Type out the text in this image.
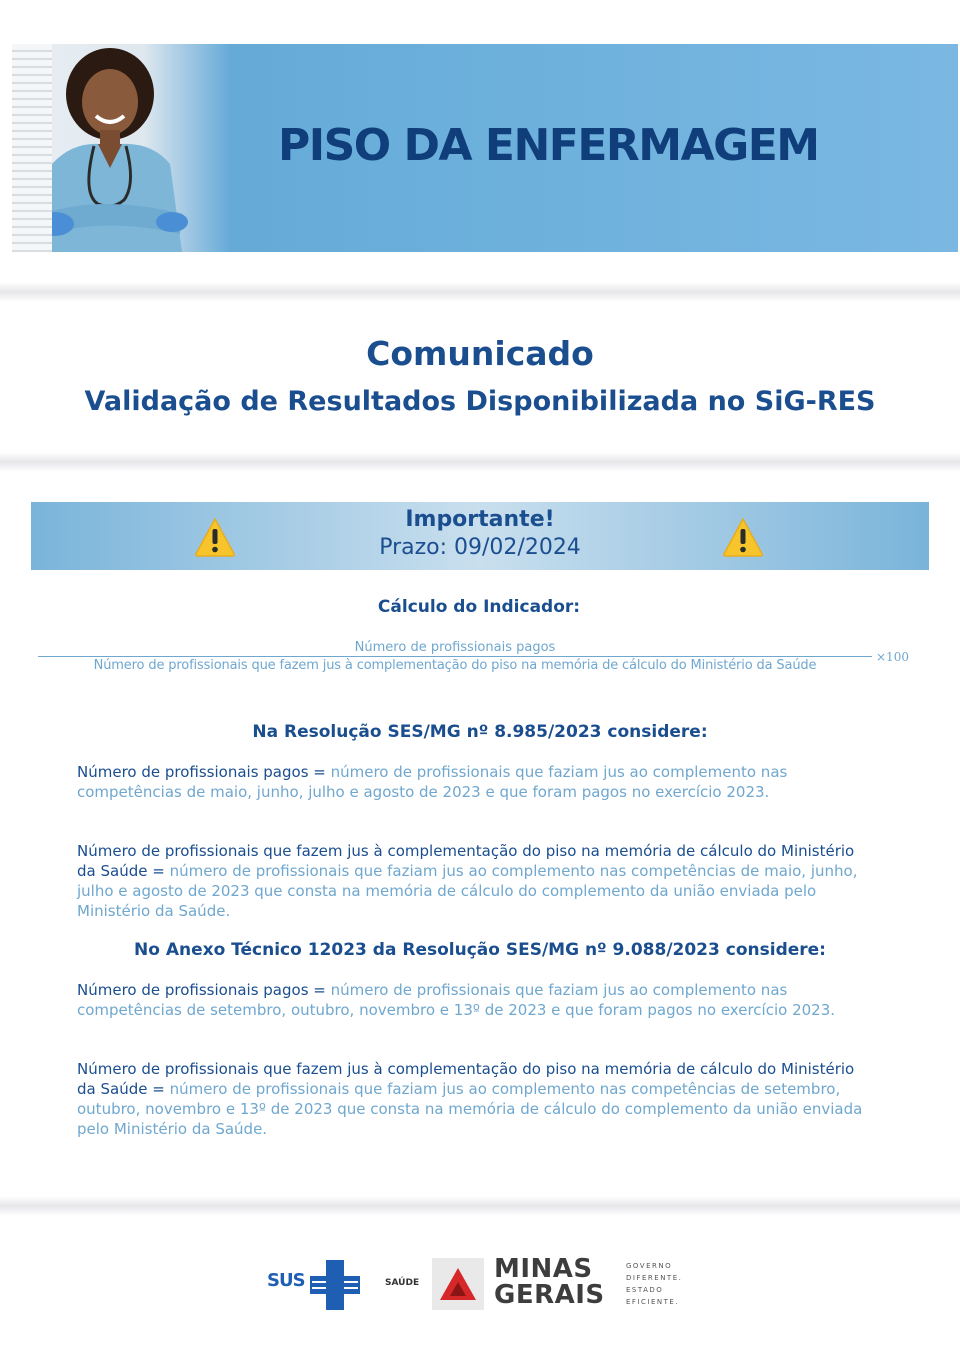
PISO DA ENFERMAGEM
Comunicado
Validação de Resultados Disponibilizada no SiG-RES
Importante!
Prazo: 09/02/2024
Cálculo do Indicador:
Número de profissionais pagos
Número de profissionais que fazem jus à complementação do piso na memória de cálculo do Ministério da Saúde
×100
Na Resolução SES/MG nº 8.985/2023 considere:
Número de profissionais pagos = número de profissionais que faziam jus ao complemento nas competências de maio, junho, julho e agosto de 2023 e que foram pagos no exercício 2023.
Número de profissionais que fazem jus à complementação do piso na memória de cálculo do Ministério da Saúde = número de profissionais que faziam jus ao complemento nas competências de maio, junho, julho e agosto de 2023 que consta na memória de cálculo do complemento da união enviada pelo Ministério da Saúde.
No Anexo Técnico 12023 da Resolução SES/MG nº 9.088/2023 considere:
Número de profissionais pagos = número de profissionais que faziam jus ao complemento nas competências de setembro, outubro, novembro e 13º de 2023 e que foram pagos no exercício 2023.
Número de profissionais que fazem jus à complementação do piso na memória de cálculo do Ministério da Saúde = número de profissionais que faziam jus ao complemento nas competências de setembro, outubro, novembro e 13º de 2023 que consta na memória de cálculo do complemento da união enviada pelo Ministério da Saúde.
SUS	SAÚDE	MINAS
GERAIS
GOVERNO
DIFERENTE.
ESTADO
EFICIENTE.
